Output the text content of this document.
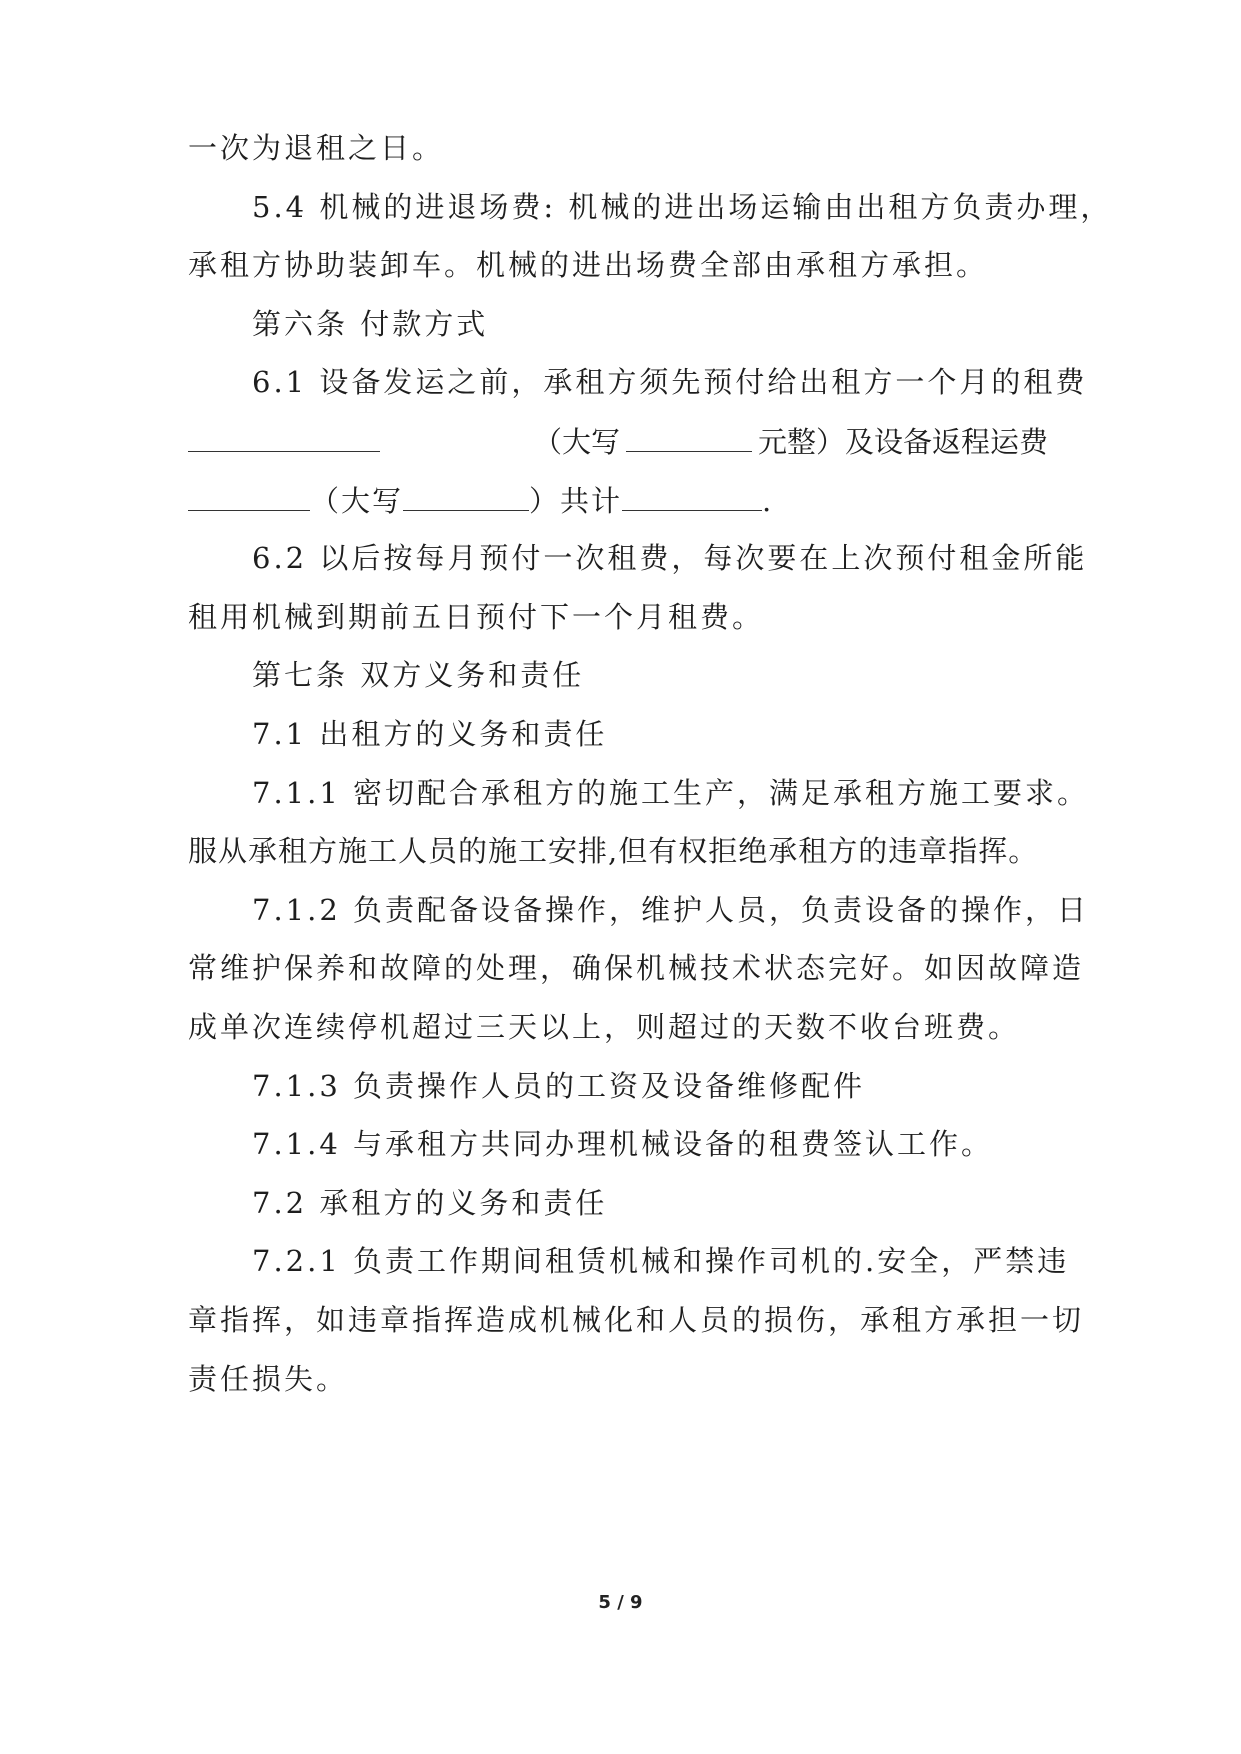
一次为退租之日。
5.4 机械的进退场费: 机械的进出场运输由出租方负责办理，
承租方协助装卸车。机械的进出场费全部由承租方承担。
第六条 付款方式
6.1 设备发运之前，承租方须先预付给出租方一个月的租费
（大写	元整）及设备返程运费
（大写	）共计	.
6.2 以后按每月预付一次租费，每次要在上次预付租金所能
租用机械到期前五日预付下一个月租费。
第七条 双方义务和责任
7.1 出租方的义务和责任
7.1.1 密切配合承租方的施工生产，满足承租方施工要求。
服从承租方施工人员的施工安排,但有权拒绝承租方的违章指挥。
7.1.2 负责配备设备操作，维护人员，负责设备的操作，日
常维护保养和故障的处理，确保机械技术状态完好。如因故障造
成单次连续停机超过三天以上，则超过的天数不收台班费。
7.1.3 负责操作人员的工资及设备维修配件
7.1.4 与承租方共同办理机械设备的租费签认工作。
7.2 承租方的义务和责任
7.2.1 负责工作期间租赁机械和操作司机的.安全，严禁违
章指挥，如违章指挥造成机械化和人员的损伤，承租方承担一切
责任损失。
5 / 9
